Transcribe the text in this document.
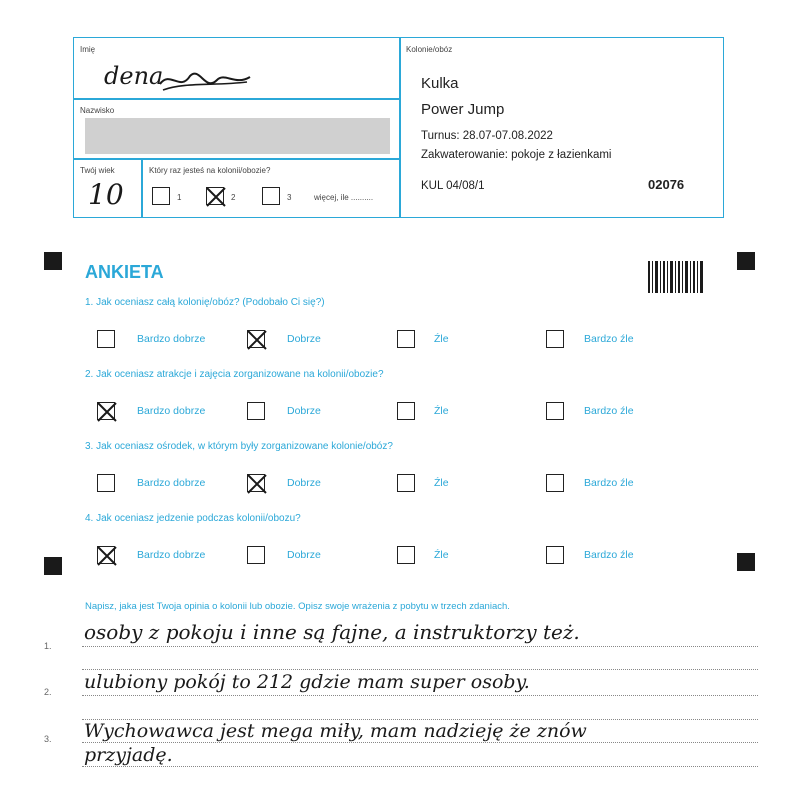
Imię
dena
Nazwisko
Twój wiek
10
Który raz jesteś na kolonii/obozie?
1	2	3	więcej, ile ..........
Kolonie/obóz
Kulka
Power Jump
Turnus: 28.07-07.08.2022
Zakwaterowanie: pokoje z łazienkami
KUL 04/08/1	02076
ANKIETA
1. Jak oceniasz całą kolonię/obóz? (Podobało Ci się?)
Bardzo dobrze	Dobrze	Źle	Bardzo źle
2. Jak oceniasz atrakcje i zajęcia zorganizowane na kolonii/obozie?
Bardzo dobrze	Dobrze	Źle	Bardzo źle
3. Jak oceniasz ośrodek, w którym były zorganizowane kolonie/obóz?
Bardzo dobrze	Dobrze	Źle	Bardzo źle
4. Jak oceniasz jedzenie podczas kolonii/obozu?
Bardzo dobrze	Dobrze	Źle	Bardzo źle
Napisz, jaka jest Twoja opinia o kolonii lub obozie. Opisz swoje wrażenia z pobytu w trzech zdaniach.
1.
2.
3.
osoby z pokoju i inne są fajne, a instruktorzy też.
ulubiony pokój to 212 gdzie mam super osoby.
Wychowawca jest mega miły, mam nadzieję że znów
przyjadę.
